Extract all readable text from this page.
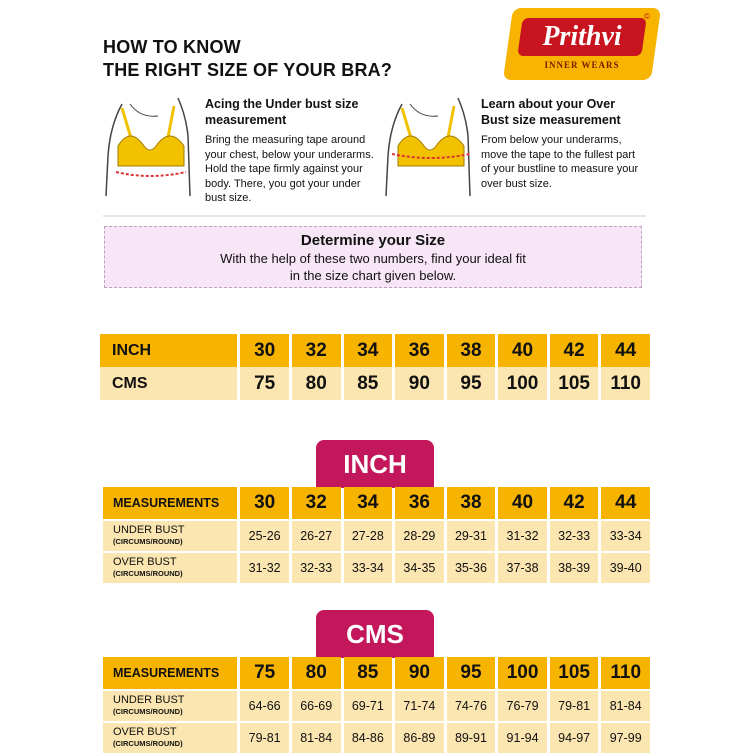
HOW TO KNOW
THE RIGHT SIZE OF YOUR BRA?
Prithvi
INNER WEARS
©
Acing the Under bust size measurement
Bring the measuring tape around your chest, below your underarms. Hold the tape firmly against your body. There, you got your under bust size.
Learn about your Over Bust size measurement
From below your underarms, move the tape to the fullest part of your bustline to measure your over bust size.
Determine your Size
With the help of these two numbers, find your ideal fit
in the size chart given below.
INCH	30	32	34	36	38	40	42	44
CMS	75	80	85	90	95	100	105	110
INCH
MEASUREMENTS	30	32	34	36	38	40	42	44
UNDER BUST
(CIRCUMS/ROUND)	25-26	26-27	27-28	28-29	29-31	31-32	32-33	33-34
OVER BUST
(CIRCUMS/ROUND)	31-32	32-33	33-34	34-35	35-36	37-38	38-39	39-40
CMS
MEASUREMENTS	75	80	85	90	95	100	105	110
UNDER BUST
(CIRCUMS/ROUND)	64-66	66-69	69-71	71-74	74-76	76-79	79-81	81-84
OVER BUST
(CIRCUMS/ROUND)	79-81	81-84	84-86	86-89	89-91	91-94	94-97	97-99
